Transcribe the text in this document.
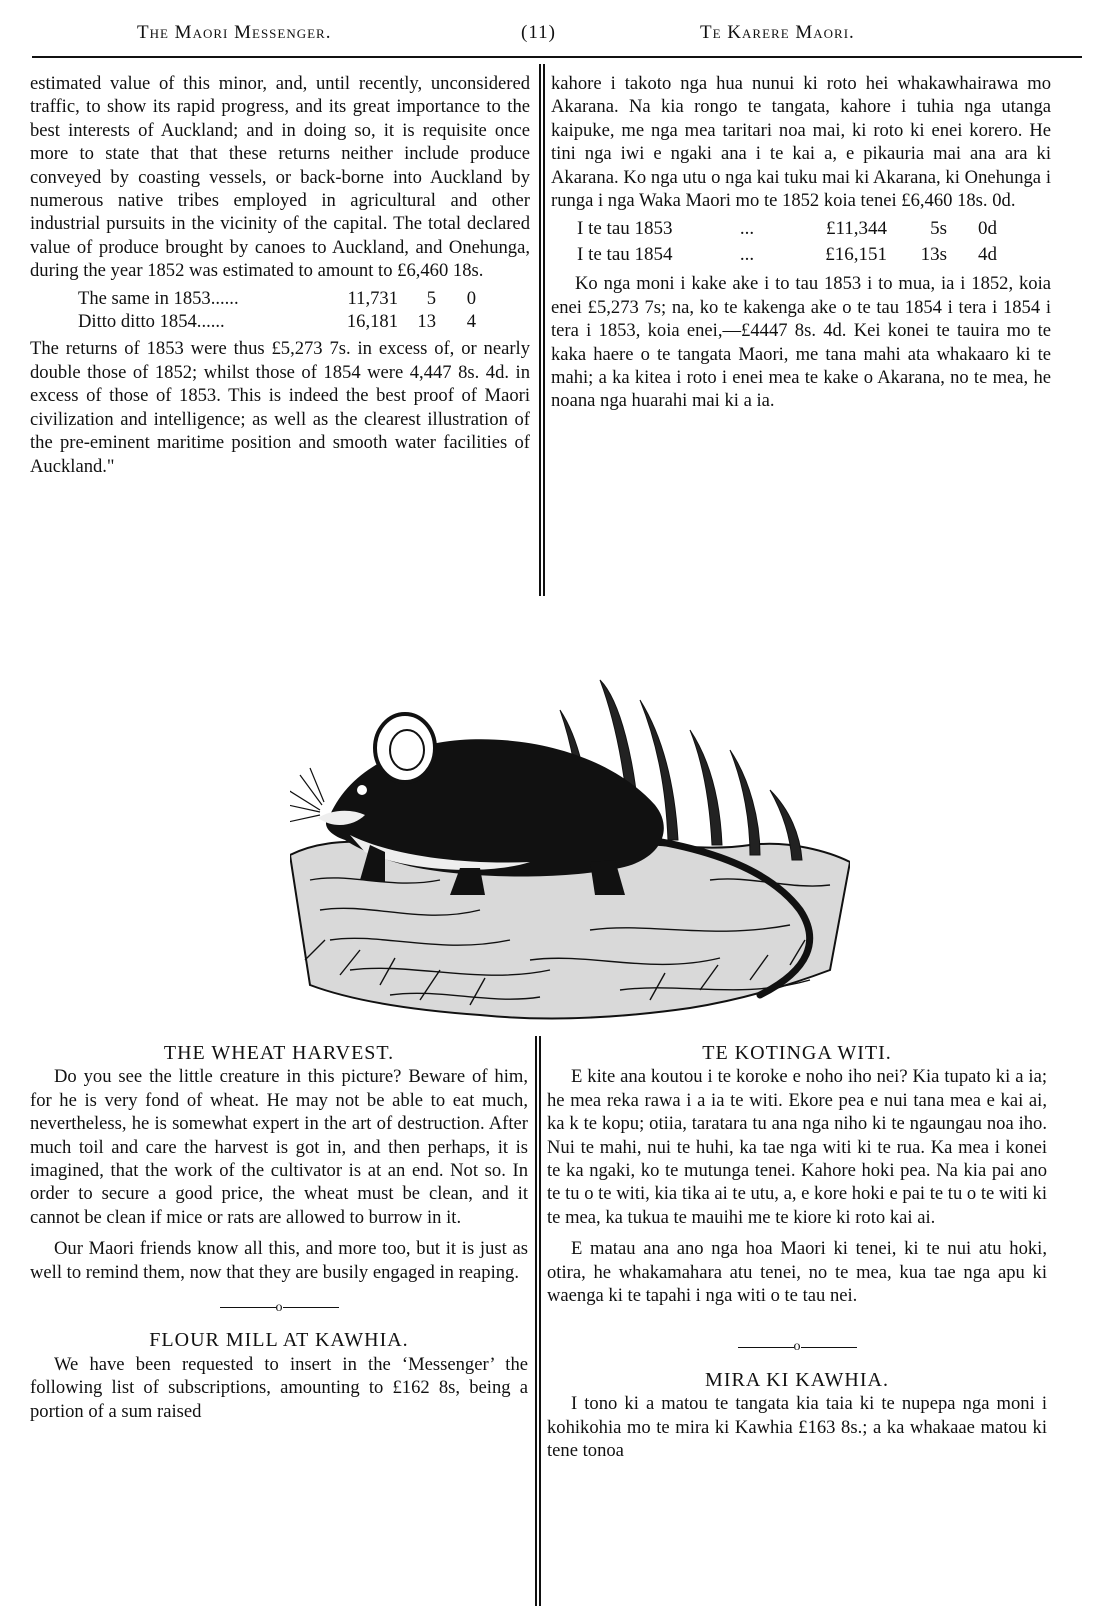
The Maori Messenger.	(11)	Te Karere Maori.

estimated value of this minor, and, until recently, unconsidered traffic, to show its rapid progress, and its great importance to the best interests of Auckland; and in doing so, it is requisite once more to state that that these returns neither include produce conveyed by coasting vessels, or back-borne into Auckland by numerous native tribes employed in agricultural and other industrial pursuits in the vicinity of the capital. The total declared value of produce brought by canoes to Auckland, and Onehunga, during the year 1852 was estimated to amount to £6,460 18s.

The same in 1853......	11,731	5	0
Ditto ditto 1854......	16,181	13	4

The returns of 1853 were thus £5,273 7s. in excess of, or nearly double those of 1852; whilst those of 1854 were 4,447 8s. 4d. in excess of those of 1853. This is indeed the best proof of Maori civilization and intelligence; as well as the clearest illustration of the pre-eminent maritime position and smooth water facilities of Auckland."

kahore i takoto nga hua nunui ki roto hei whakawhairawa mo Akarana. Na kia rongo te tangata, kahore i tuhia nga utanga kaipuke, me nga mea taritari noa mai, ki roto ki enei korero. He tini nga iwi e ngaki ana i te kai a, e pikauria mai ana ara ki Akarana. Ko nga utu o nga kai tuku mai ki Akarana, ki Onehunga i runga i nga Waka Maori mo te 1852 koia tenei £6,460 18s. 0d.

I te tau 1853	...	£11,344	5s	0d
I te tau 1854	...	£16,151	13s	4d

Ko nga moni i kake ake i to tau 1853 i to mua, ia i 1852, koia enei £5,273 7s; na, ko te kakenga ake o te tau 1854 i tera i 1854 i tera i 1853, koia enei,—£4447 8s. 4d. Kei konei te tauira mo te kaka haere o te tangata Maori, me tana mahi ata whakaaro ki te mahi; a ka kitea i roto i enei mea te kake o Akarana, no te mea, he noana nga huarahi mai ki a ia.

THE WHEAT HARVEST.

Do you see the little creature in this picture? Beware of him, for he is very fond of wheat. He may not be able to eat much, nevertheless, he is somewhat expert in the art of destruction. After much toil and care the harvest is got in, and then perhaps, it is imagined, that the work of the cultivator is at an end. Not so. In order to secure a good price, the wheat must be clean, and it cannot be clean if mice or rats are allowed to burrow in it.

Our Maori friends know all this, and more too, but it is just as well to remind them, now that they are busily engaged in reaping.

o

FLOUR MILL AT KAWHIA.

We have been requested to insert in the ‘Messenger’ the following list of subscriptions, amounting to £162 8s, being a portion of a sum raised

TE KOTINGA WITI.

E kite ana koutou i te koroke e noho iho nei? Kia tupato ki a ia; he mea reka rawa i a ia te witi. Ekore pea e nui tana mea e kai ai, ka k te kopu; otiia, taratara tu ana nga niho ki te ngaungau noa iho. Nui te mahi, nui te huhi, ka tae nga witi ki te rua. Ka mea i konei te ka ngaki, ko te mutunga tenei. Kahore hoki pea. Na kia pai ano te tu o te witi, kia tika ai te utu, a, e kore hoki e pai te tu o te witi ki te mea, ka tukua te mauihi me te kiore ki roto kai ai.

E matau ana ano nga hoa Maori ki tenei, ki te nui atu hoki, otira, he whakamahara atu tenei, no te mea, kua tae nga apu ki waenga ki te tapahi i nga witi o te tau nei.

o

MIRA KI KAWHIA.

I tono ki a matou te tangata kia taia ki te nupepa nga moni i kohikohia mo te mira ki Kawhia £163 8s.; a ka whakaae matou ki tene tonoa
